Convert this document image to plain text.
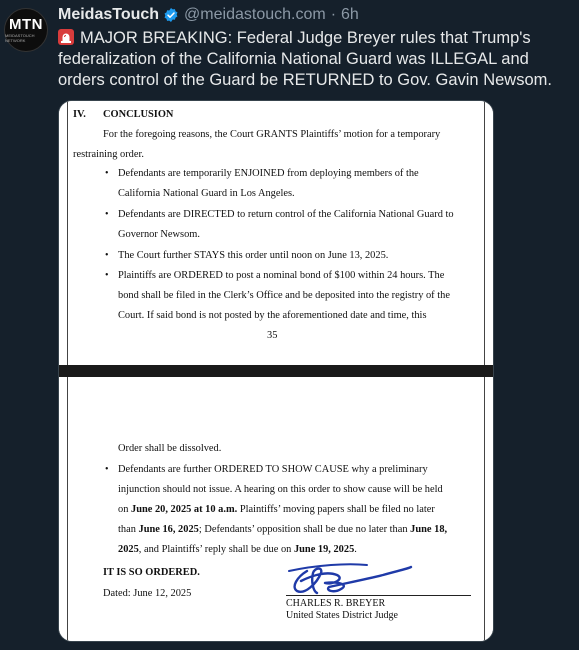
MTN
MEIDASTOUCH NETWORK
MeidasTouch @meidastouch.com · 6h
MAJOR BREAKING: Federal Judge Breyer rules that Trump's federalization of the California National Guard was ILLEGAL and orders control of the Guard be RETURNED to Gov. Gavin Newsom.
IV. CONCLUSION
For the foregoing reasons, the Court GRANTS Plaintiffs’ motion for a temporary
restraining order.
• Defendants are temporarily ENJOINED from deploying members of the
California National Guard in Los Angeles.
• Defendants are DIRECTED to return control of the California National Guard to
Governor Newsom.
• The Court further STAYS this order until noon on June 13, 2025.
• Plaintiffs are ORDERED to post a nominal bond of $100 within 24 hours. The
bond shall be filed in the Clerk’s Office and be deposited into the registry of the
Court. If said bond is not posted by the aforementioned date and time, this
35
Order shall be dissolved.
• Defendants are further ORDERED TO SHOW CAUSE why a preliminary
injunction should not issue. A hearing on this order to show cause will be held
on June 20, 2025 at 10 a.m. Plaintiffs’ moving papers shall be filed no later
than June 16, 2025; Defendants’ opposition shall be due no later than June 18,
2025, and Plaintiffs’ reply shall be due on June 19, 2025.
IT IS SO ORDERED.
Dated: June 12, 2025
CHARLES R. BREYER
United States District Judge
